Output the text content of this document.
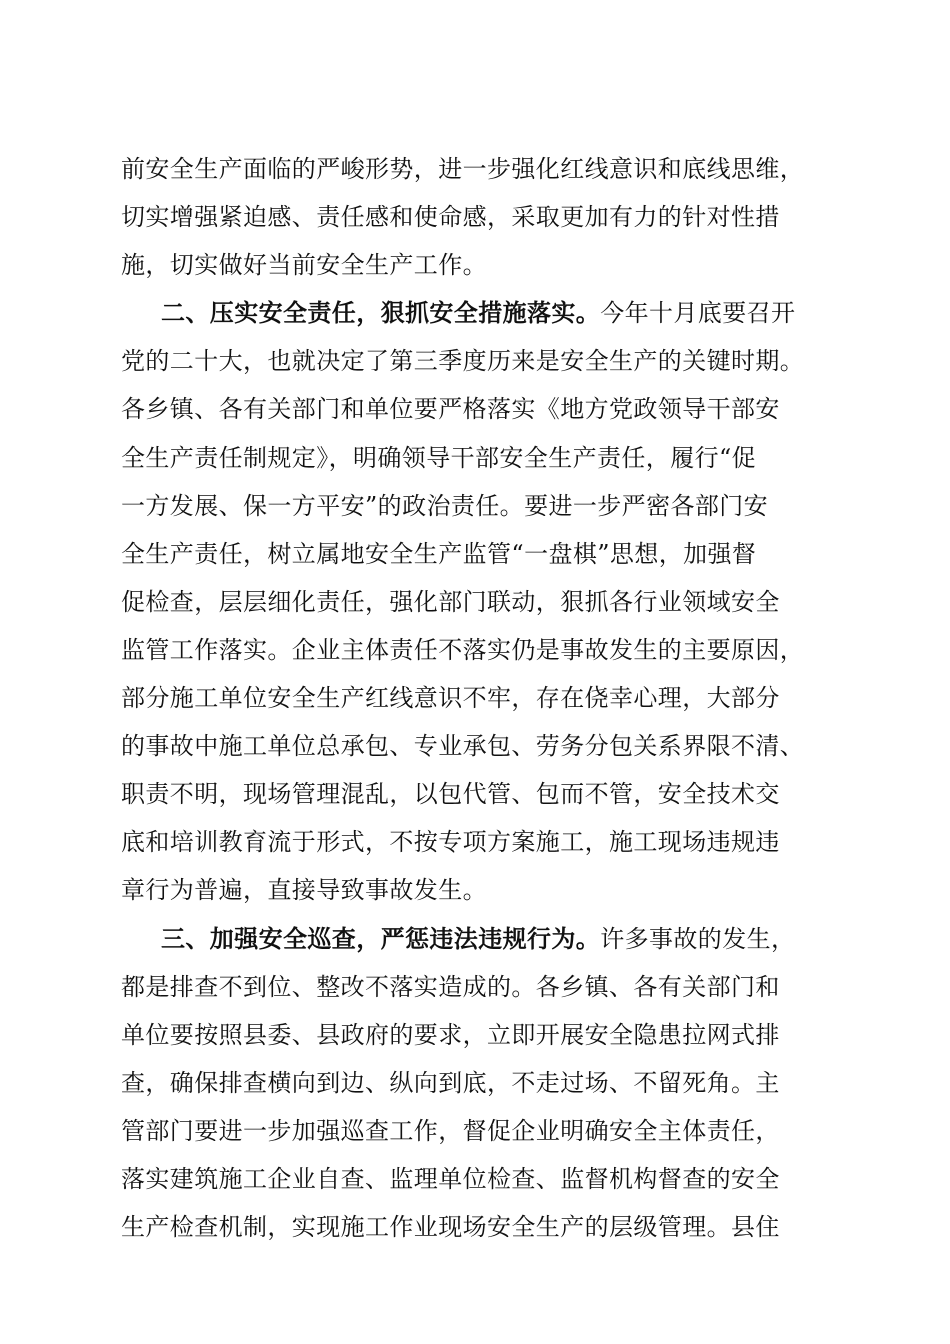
前安全生产面临的严峻形势，进一步强化红线意识和底线思维，
切实增强紧迫感、责任感和使命感，采取更加有力的针对性措
施，切实做好当前安全生产工作。
二、压实安全责任，狠抓安全措施落实。今年十月底要召开
党的二十大，也就决定了第三季度历来是安全生产的关键时期。
各乡镇、各有关部门和单位要严格落实《地方党政领导干部安
全生产责任制规定》，明确领导干部安全生产责任，履行“促
一方发展、保一方平安”的政治责任。要进一步严密各部门安
全生产责任，树立属地安全生产监管“一盘棋”思想，加强督
促检查，层层细化责任，强化部门联动，狠抓各行业领域安全
监管工作落实。企业主体责任不落实仍是事故发生的主要原因，
部分施工单位安全生产红线意识不牢，存在侥幸心理，大部分
的事故中施工单位总承包、专业承包、劳务分包关系界限不清、
职责不明，现场管理混乱，以包代管、包而不管，安全技术交
底和培训教育流于形式，不按专项方案施工，施工现场违规违
章行为普遍，直接导致事故发生。
三、加强安全巡查，严惩违法违规行为。许多事故的发生，
都是排查不到位、整改不落实造成的。各乡镇、各有关部门和
单位要按照县委、县政府的要求，立即开展安全隐患拉网式排
查，确保排查横向到边、纵向到底，不走过场、不留死角。主
管部门要进一步加强巡查工作，督促企业明确安全主体责任，
落实建筑施工企业自查、监理单位检查、监督机构督查的安全
生产检查机制，实现施工作业现场安全生产的层级管理。县住
